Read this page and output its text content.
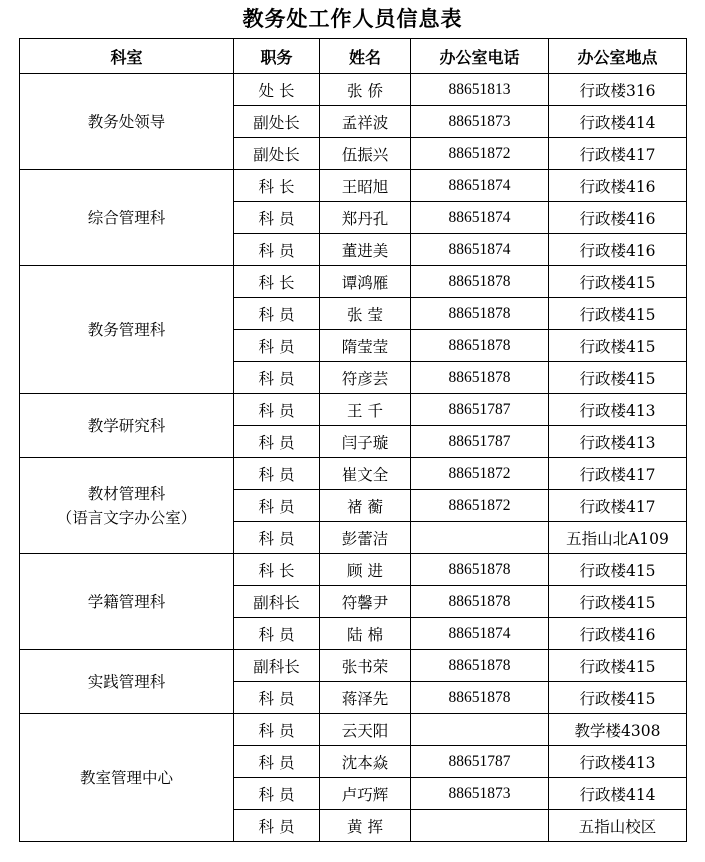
教务处工作人员信息表
科室	职务	姓名	办公室电话	办公室地点

教务处领导	处 长	张 侨	88651813	行政楼316
	副处长	孟祥波	88651873	行政楼414
	副处长	伍振兴	88651872	行政楼417

综合管理科	科 长	王昭旭	88651874	行政楼416
	科 员	郑丹孔	88651874	行政楼416
	科 员	董进美	88651874	行政楼416

教务管理科	科 长	谭鸿雁	88651878	行政楼415
	科 员	张 莹	88651878	行政楼415
	科 员	隋莹莹	88651878	行政楼415
	科 员	符彦芸	88651878	行政楼415

教学研究科	科 员	王 千	88651787	行政楼413
	科 员	闫子璇	88651787	行政楼413

教材管理科
（语言文字办公室）	科 员	崔文全	88651872	行政楼417
	科 员	禇 蘅	88651872	行政楼417
	科 员	彭蕾洁		五指山北A109

学籍管理科	科 长	顾 进	88651878	行政楼415
	副科长	符馨尹	88651878	行政楼415
	科 员	陆 棉	88651874	行政楼416

实践管理科	副科长	张书荣	88651878	行政楼415
	科 员	蒋泽先	88651878	行政楼415

教室管理中心	科 员	云天阳		教学楼4308
	科 员	沈本焱	88651787	行政楼413
	科 员	卢巧辉	88651873	行政楼414
	科 员	黄 挥		五指山校区
